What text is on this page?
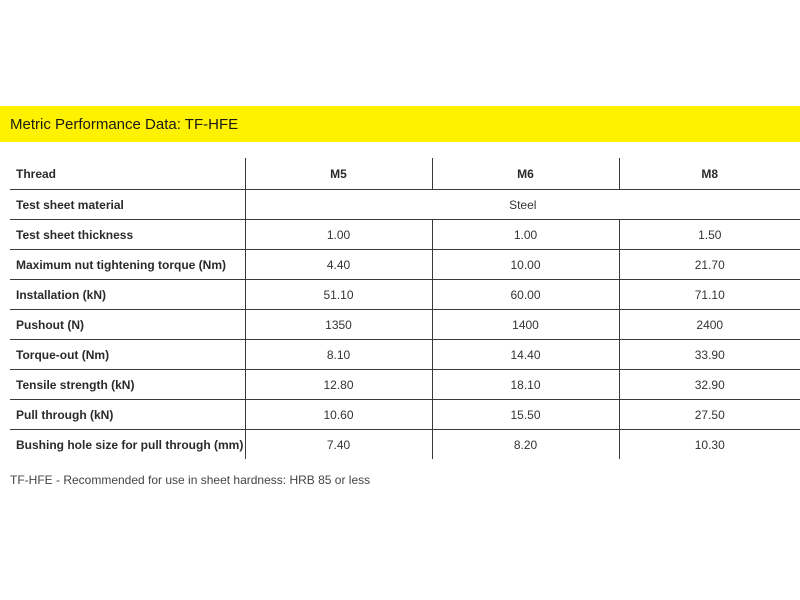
Metric Performance Data: TF-HFE
Thread	M5	M6	M8
Test sheet material	Steel		
Test sheet thickness	1.00	1.00	1.50
Maximum nut tightening torque (Nm)	4.40	10.00	21.70
Installation (kN)	51.10	60.00	71.10
Pushout (N)	1350	1400	2400
Torque-out (Nm)	8.10	14.40	33.90
Tensile strength (kN)	12.80	18.10	32.90
Pull through (kN)	10.60	15.50	27.50
Bushing hole size for pull through (mm)	7.40	8.20	10.30
TF-HFE - Recommended for use in sheet hardness: HRB 85 or less
